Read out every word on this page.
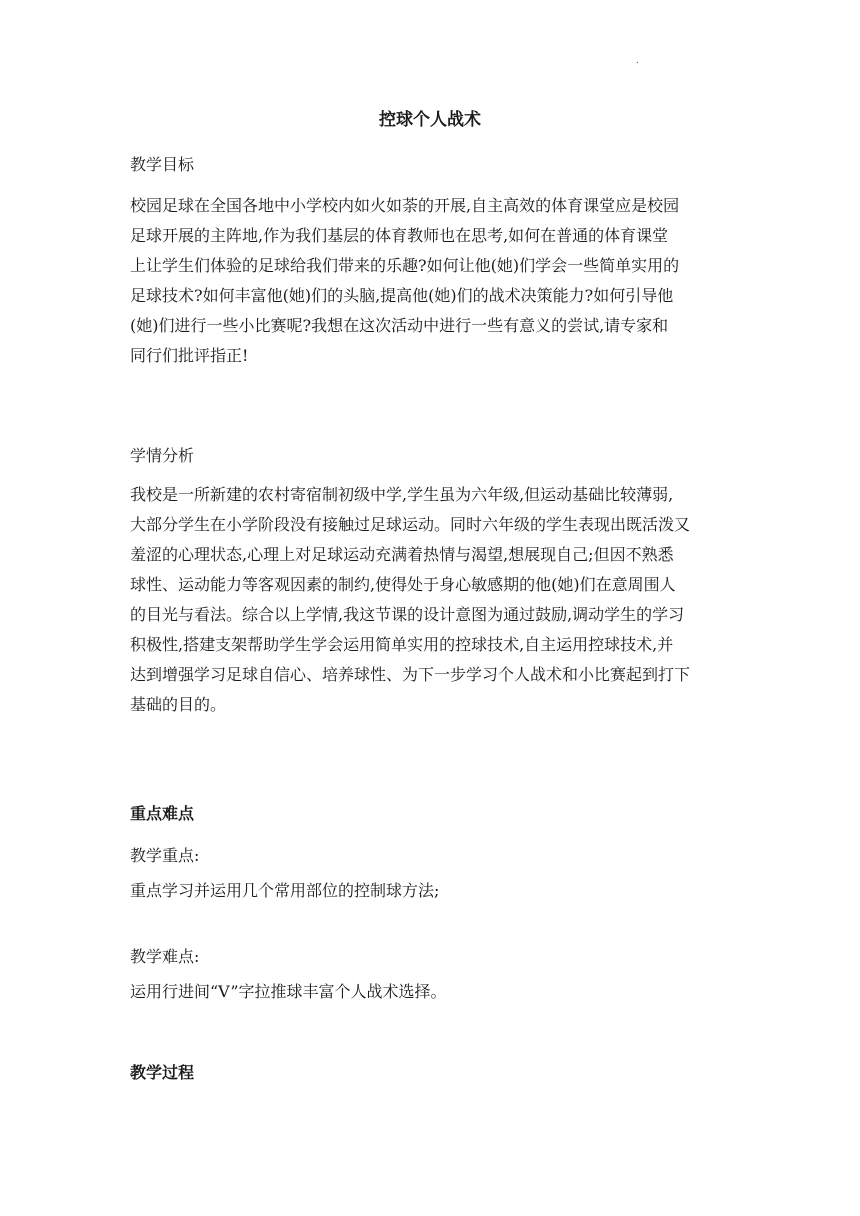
.
控球个人战术
教学目标
校园足球在全国各地中小学校内如火如荼的开展,自主高效的体育课堂应是校园
足球开展的主阵地,作为我们基层的体育教师也在思考,如何在普通的体育课堂
上让学生们体验的足球给我们带来的乐趣?如何让他(她)们学会一些简单实用的
足球技术?如何丰富他(她)们的头脑,提高他(她)们的战术决策能力?如何引导他
(她)们进行一些小比赛呢?我想在这次活动中进行一些有意义的尝试,请专家和
同行们批评指正!
学情分析
我校是一所新建的农村寄宿制初级中学,学生虽为六年级,但运动基础比较薄弱,
大部分学生在小学阶段没有接触过足球运动。同时六年级的学生表现出既活泼又
羞涩的心理状态,心理上对足球运动充满着热情与渴望,想展现自己;但因不熟悉
球性、运动能力等客观因素的制约,使得处于身心敏感期的他(她)们在意周围人
的目光与看法。综合以上学情,我这节课的设计意图为通过鼓励,调动学生的学习
积极性,搭建支架帮助学生学会运用简单实用的控球技术,自主运用控球技术,并
达到增强学习足球自信心、培养球性、为下一步学习个人战术和小比赛起到打下
基础的目的。
重点难点

教学重点:

重点学习并运用几个常用部位的控制球方法;

教学难点:

运用行进间“V”字拉推球丰富个人战术选择。

教学过程
